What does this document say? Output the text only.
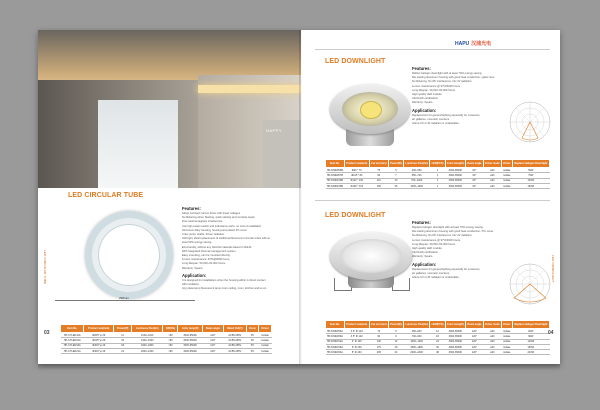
HAPPY
LED CIRCULAR TUBE
298mm
Features:
Adopt constant current driver with linear voltages.
No flickering when Starting, quick starting and consists repair.
Free electromagnetic interference.
Use high power switch and inductance parts, no cost of installation.
Aluminum Alloy housing, housing and plastic PC cover.
Color purity, stable, driven radiation.
Soft light, ideal replacement of traditional fluorescent circular tubes with at
least 50% energy saving.
Eco-friendly, without any harmful materials based in RoHS.
With Integrated thermal management system.
Easy mounting, can be mounted directly.
Lumen maintenance: 97%@3000 hours.
Long lifespan: 50,000~60,000 hours.
Warranty: 3years.
Application:
It is designed for installations when the housing within in direct contact
with insulation.
Any place lamp fluorescent lamp room ceiling, room, kitchen and so on.
Item No.	Product size(mm)	Power(W)	Luminous Flux(lm)	CRI(Ra)	Color temp(K)	Beam angle	Rated Volt(V)	Cover	Driver
HP-CTLED11A	Φ205* φ 29	11	1000~1100	>80	3000-6500K	120°	AC85-265V	PC	Isolate
HP-CTLED15A	Φ225* φ 29	15	1300~1500	>80	3000-6500K	120°	AC85-265V	PC	Isolate
HP-CTLED18A	Φ300* φ 29	18	1600~1800	>80	3000-6500K	120°	AC85-265V	PC	Isolate
HP-CTLED21A	Φ400* φ 29	21	2000~2100	>80	3000-6500K	120°	AC85-265V	PC	Isolate
03
LED CIRCULAR TUBE
HAPU 汉浦光电
LED DOWNLIGHT
Features:
Reflect halogen downlight with at least 70% energy saving.
Die-casting aluminum housing with good heat conduction / glass lens.
No flickering, No RF interference, No UV radiation.
Lumen maintenance @ 97%/3000 hours.
Long lifespan: 30,000~50,000 hours.
High quality LED module.
CE RoHS certification.
Warranty: 3years.
Application:
Replacement for general lighting especially for museums,
art galleries, cosmetic counters,
where UV or IR radiation is undesirable.
Item No.	Product size(mm)	Cut out (mm)	Power(W)	Luminous Flux(lm)	LED(PCS)	Color temp(K)	Beam angle	Driver mode	Driver	Replace Halogen Downlight
HP-DN6W05B	Φ90 * 70	75	5	400~550	1	3000-6500K	60°	with	isolate	50W
HP-DN6W07B	Φ105 * 80	90	7	550~700	1	3000-6500K	60°	with	isolate	75W
HP-DN6W10B	Φ120 * 100	110	10	700~1000	1	3000-6500K	60°	with	isolate	100W
HP-DN6W15B	Φ160 * 115	150	15	1000~1500	1	3000-6500K	60°	with	isolate	150W
LED DOWNLIGHT
Features:
Replace halogen downlight with at least 70% energy saving.
Die-casting aluminum housing with good heat conduction / PC cover.
No flickering, No RF interference, No UV radiation.
Lumen maintenance @ 97%/3000 hours.
Long lifespan: 30,000~50,000 hours.
High quality LED module.
CE RoHS certification.
Warranty: 3years.
Application:
Replacement for general lighting especially for museums,
art galleries, cosmetic counters,
where UV or IR radiation is undesirable.
Item No.	Product size(mm)	Cut out (mm)	Power(W)	Luminous Flux(lm)	LED(PCS)	Color temp(K)	Beam angle	Driver mode	Driver	Replace Halogen Downlight
HP-DN6W06A	2.5" Φ 104	70	6	450~600	12	3000-6500K	120°	with	isolate	60W
HP-DN6W09A	3.5" Φ 120	90	9	700~900	18	3000-6500K	120°	with	isolate	90W
HP-DN6W12A	4" Φ 145	130	12	1000~1200	24	3000-6500K	120°	with	isolate	120W
HP-DN6W18A	6" Φ 200	175	18	1500~1800	36	3000-6500K	120°	with	isolate	180W
HP-DN6W24A	8" Φ 240	205	24	2000~2400	48	3000-6500K	120°	with	isolate	240W
04
LED DOWNLIGHT
